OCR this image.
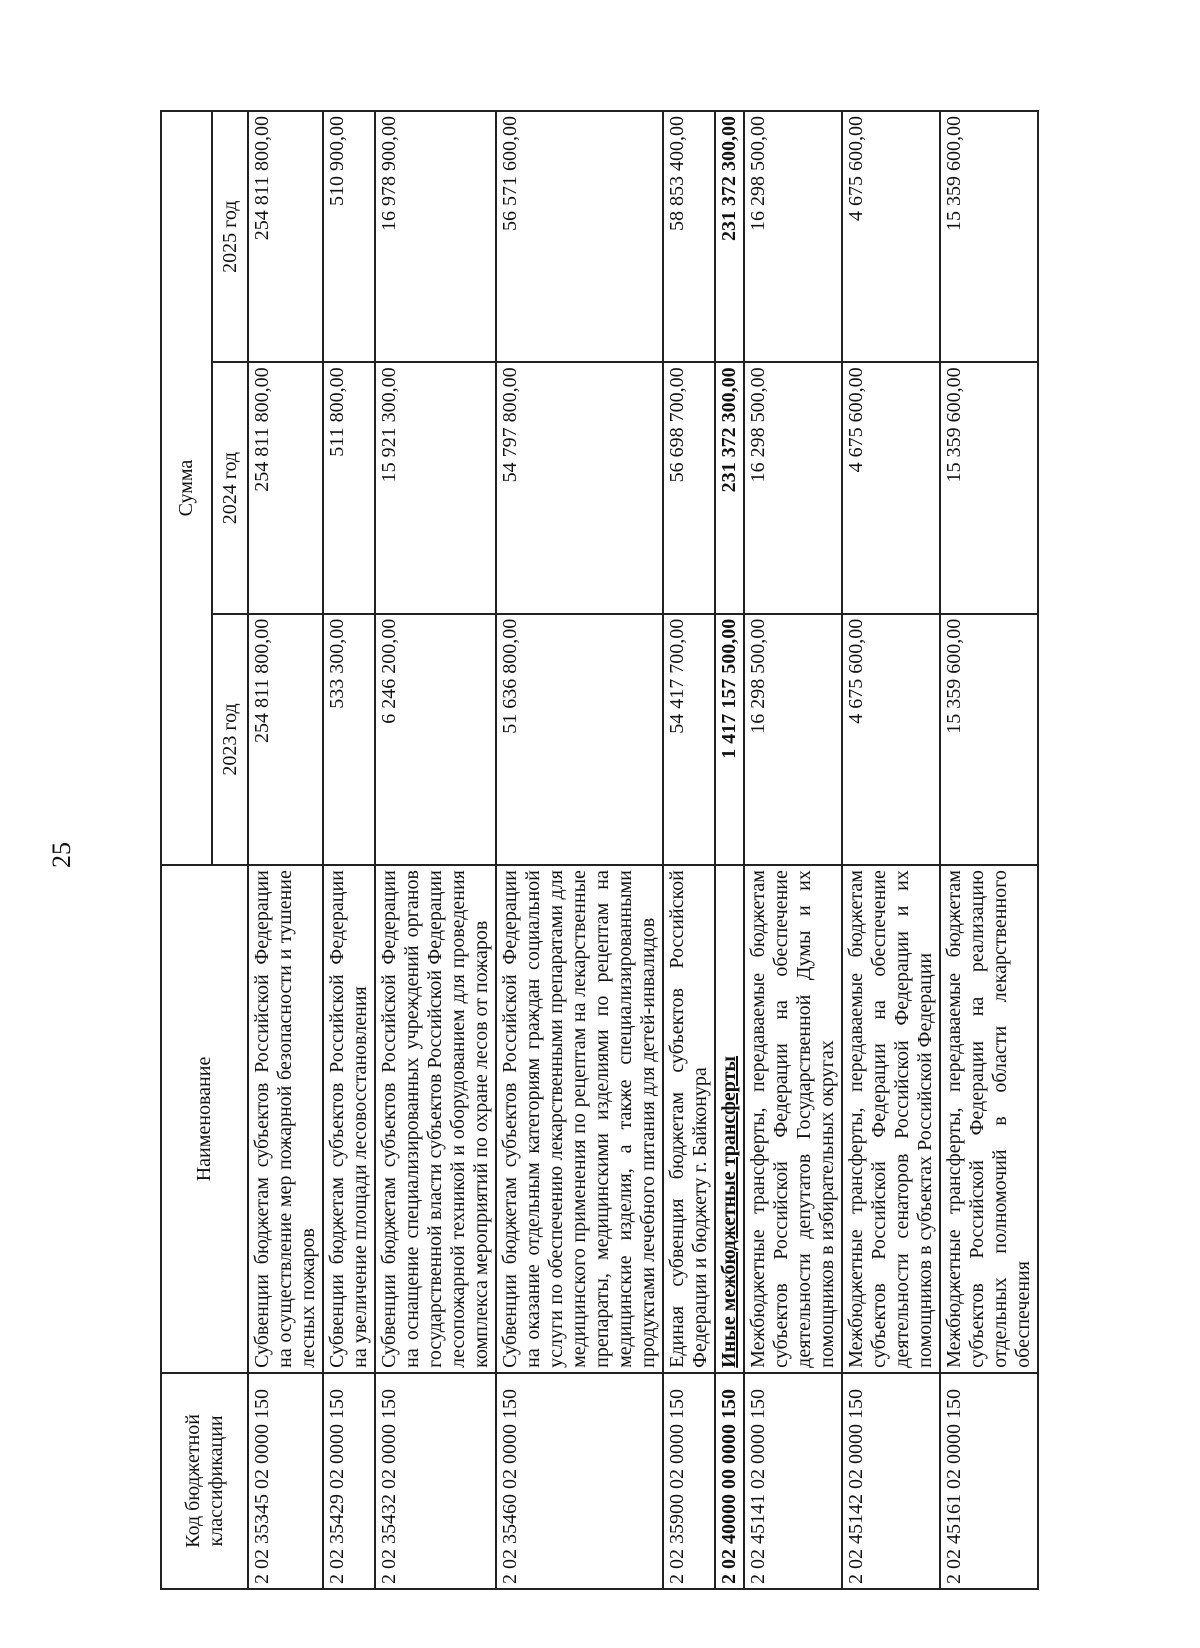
25
Код бюджетной классификации	Наименование	Сумма		
		2023 год	2024 год	2025 год
2 02 35345 02 0000 150	Субвенции бюджетам субъектов Российской Федерации на осуществление мер пожарной безопасности и тушение лесных пожаров	254 811 800,00	254 811 800,00	254 811 800,00
2 02 35429 02 0000 150	Субвенции бюджетам субъектов Российской Федерации на увеличение площади лесовосстановления	533 300,00	511 800,00	510 900,00
2 02 35432 02 0000 150	Субвенции бюджетам субъектов Российской Федерации на оснащение специализированных учреждений органов государственной власти субъектов Российской Федерации лесопожарной техникой и оборудованием для проведения комплекса мероприятий по охране лесов от пожаров	6 246 200,00	15 921 300,00	16 978 900,00
2 02 35460 02 0000 150	Субвенции бюджетам субъектов Российской Федерации на оказание отдельным категориям граждан социальной услуги по обеспечению лекарственными препаратами для медицинского применения по рецептам на лекарственные препараты, медицинскими изделиями по рецептам на медицинские изделия, а также специализированными продуктами лечебного питания для детей-инвалидов	51 636 800,00	54 797 800,00	56 571 600,00
2 02 35900 02 0000 150	Единая субвенция бюджетам субъектов Российской Федерации и бюджету г. Байконура	54 417 700,00	56 698 700,00	58 853 400,00
2 02 40000 00 0000 150	Иные межбюджетные трансферты	1 417 157 500,00	231 372 300,00	231 372 300,00
2 02 45141 02 0000 150	Межбюджетные трансферты, передаваемые бюджетам субъектов Российской Федерации на обеспечение деятельности депутатов Государственной Думы и их помощников в избирательных округах	16 298 500,00	16 298 500,00	16 298 500,00
2 02 45142 02 0000 150	Межбюджетные трансферты, передаваемые бюджетам субъектов Российской Федерации на обеспечение деятельности сенаторов Российской Федерации и их помощников в субъектах Российской Федерации	4 675 600,00	4 675 600,00	4 675 600,00
2 02 45161 02 0000 150	Межбюджетные трансферты, передаваемые бюджетам субъектов Российской Федерации на реализацию отдельных полномочий в области лекарственного обеспечения	15 359 600,00	15 359 600,00	15 359 600,00
